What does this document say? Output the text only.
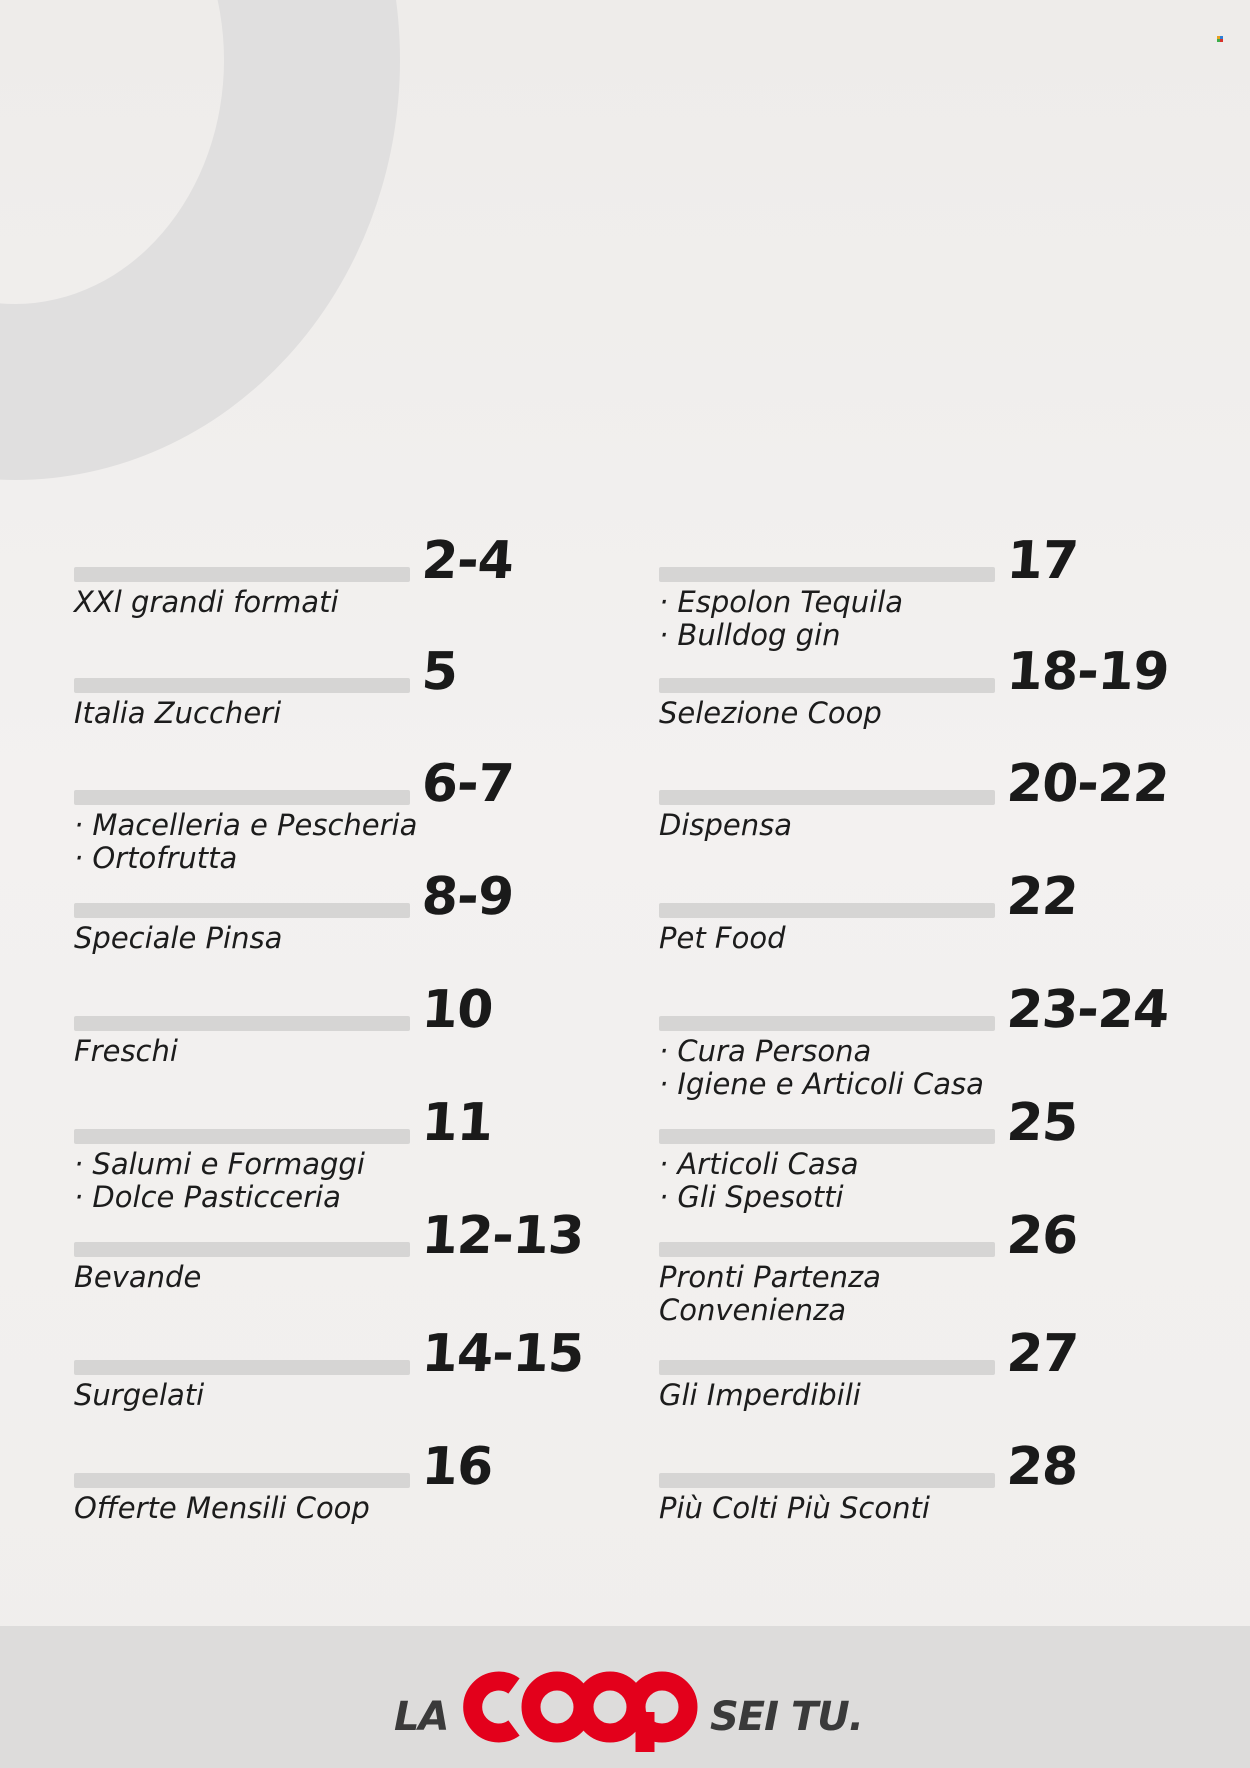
2-4
XXl grandi formati
5
Italia Zuccheri
6-7
· Macelleria e Pescheria
· Ortofrutta
8-9
Speciale Pinsa
10
Freschi
11
· Salumi e Formaggi
· Dolce Pasticceria
12-13
Bevande
14-15
Surgelati
16
Offerte Mensili Coop
17
· Espolon Tequila
· Bulldog gin
18-19
Selezione Coop
20-22
Dispensa
22
Pet Food
23-24
· Cura Persona
· Igiene e Articoli Casa
25
· Articoli Casa
· Gli Spesotti
26
Pronti Partenza
Convenienza
27
Gli Imperdibili
28
Più Colti Più Sconti
LA	SEI TU.
